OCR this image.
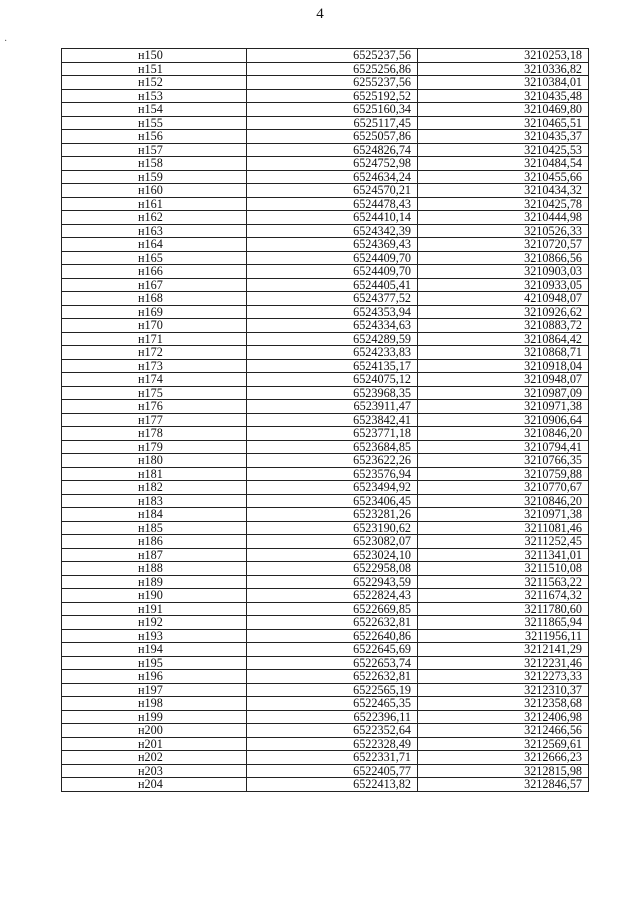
4
·
н150	6525237,56	3210253,18
н151	6525256,86	3210336,82
н152	6255237,56	3210384,01
н153	6525192,52	3210435,48
н154	6525160,34	3210469,80
н155	6525117,45	3210465,51
н156	6525057,86	3210435,37
н157	6524826,74	3210425,53
н158	6524752,98	3210484,54
н159	6524634,24	3210455,66
н160	6524570,21	3210434,32
н161	6524478,43	3210425,78
н162	6524410,14	3210444,98
н163	6524342,39	3210526,33
н164	6524369,43	3210720,57
н165	6524409,70	3210866,56
н166	6524409,70	3210903,03
н167	6524405,41	3210933,05
н168	6524377,52	4210948,07
н169	6524353,94	3210926,62
н170	6524334,63	3210883,72
н171	6524289,59	3210864,42
н172	6524233,83	3210868,71
н173	6524135,17	3210918,04
н174	6524075,12	3210948,07
н175	6523968,35	3210987,09
н176	6523911,47	3210971,38
н177	6523842,41	3210906,64
н178	6523771,18	3210846,20
н179	6523684,85	3210794,41
н180	6523622,26	3210766,35
н181	6523576,94	3210759,88
н182	6523494,92	3210770,67
н183	6523406,45	3210846,20
н184	6523281,26	3210971,38
н185	6523190,62	3211081,46
н186	6523082,07	3211252,45
н187	6523024,10	3211341,01
н188	6522958,08	3211510,08
н189	6522943,59	3211563,22
н190	6522824,43	3211674,32
н191	6522669,85	3211780,60
н192	6522632,81	3211865,94
н193	6522640,86	3211956,11
н194	6522645,69	3212141,29
н195	6522653,74	3212231,46
н196	6522632,81	3212273,33
н197	6522565,19	3212310,37
н198	6522465,35	3212358,68
н199	6522396,11	3212406,98
н200	6522352,64	3212466,56
н201	6522328,49	3212569,61
н202	6522331,71	3212666,23
н203	6522405,77	3212815,98
н204	6522413,82	3212846,57
